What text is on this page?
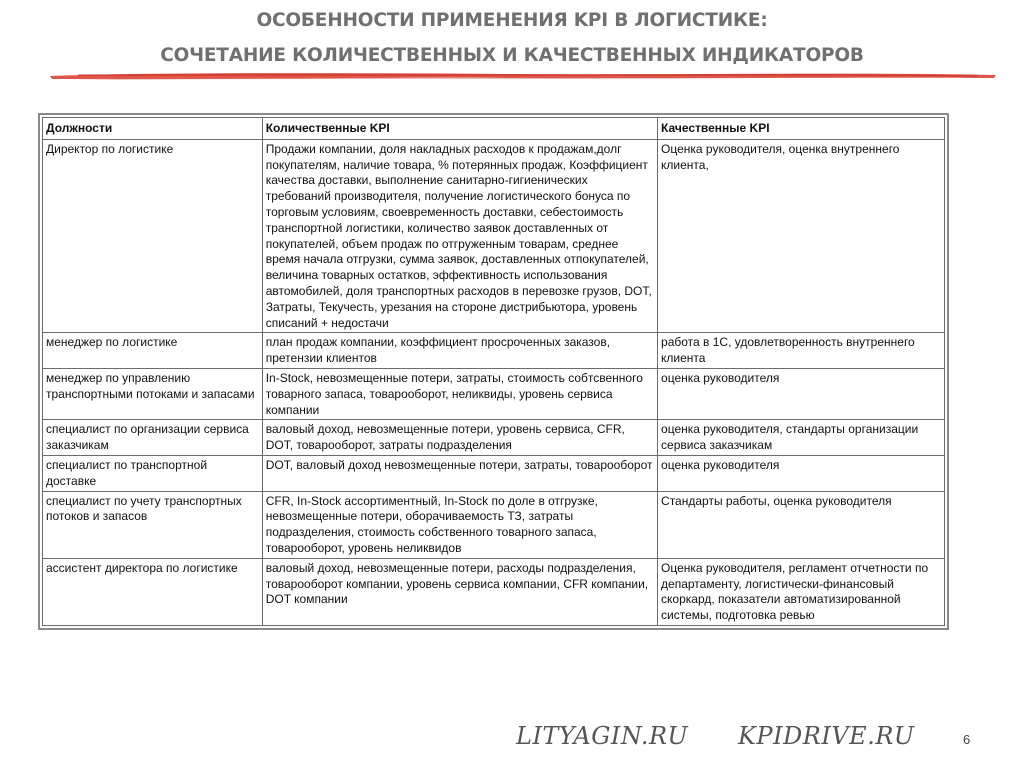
ОСОБЕННОСТИ ПРИМЕНЕНИЯ KPI В ЛОГИСТИКЕ:
СОЧЕТАНИЕ КОЛИЧЕСТВЕННЫХ И КАЧЕСТВЕННЫХ ИНДИКАТОРОВ
Должности	Количественные KPI	Качественные KPI
Директор по логистике	Продажи компании, доля накладных расходов к продажам,долг покупателям, наличие товара, % потерянных продаж, Коэффициент качества доставки, выполнение санитарно-гигиенических требований производителя, получение логистического бонуса по торговым условиям, своевременность доставки, себестоимость транспортной логистики, количество заявок доставленных от покупателей, объем продаж по отгруженным товарам, среднее время начала отгрузки, сумма заявок, доставленных отпокупателей, величина товарных остатков, эффективность использования автомобилей, доля транспортных расходов в перевозке грузов, DOT, Затраты, Текучесть, урезания на стороне дистрибьютора, уровень списаний + недостачи	Оценка руководителя, оценка внутреннего клиента,
менеджер по логистике	план продаж компании, коэффициент просроченных заказов, претензии клиентов	работа в 1С, удовлетворенность внутреннего клиента
менеджер по управлению транспортными потоками и запасами	In-Stock, невозмещенные потери, затраты, стоимость собтсвенного товарного запаса, товарооборот, неликвиды, уровень сервиса компании	оценка руководителя
специалист по организации сервиса заказчикам	валовый доход, невозмещенные потери, уровень сервиса, CFR, DOT, товарооборот, затраты подразделения	оценка руководителя, стандарты организации сервиса заказчикам
специалист по транспортной доставке	DOT, валовый доход невозмещенные потери, затраты, товарооборот	оценка руководителя
специалист по учету транспортных потоков и запасов	CFR, In-Stock ассортиментный, In-Stock по доле в отгрузке, невозмещенные потери, оборачиваемость ТЗ, затраты подразделения, стоимость собственного товарного запаса, товарооборот, уровень неликвидов	Стандарты работы, оценка руководителя
ассистент директора по логистике	валовый доход, невозмещенные потери, расходы подразделения, товарооборот компании, уровень сервиса компании, CFR компании, DOT компании	Оценка руководителя, регламент отчетности по департаменту, логистически-финансовый скоркард, показатели автоматизированной системы, подготовка ревью
LITYAGIN.RU KPIDRIVE.RU	6
